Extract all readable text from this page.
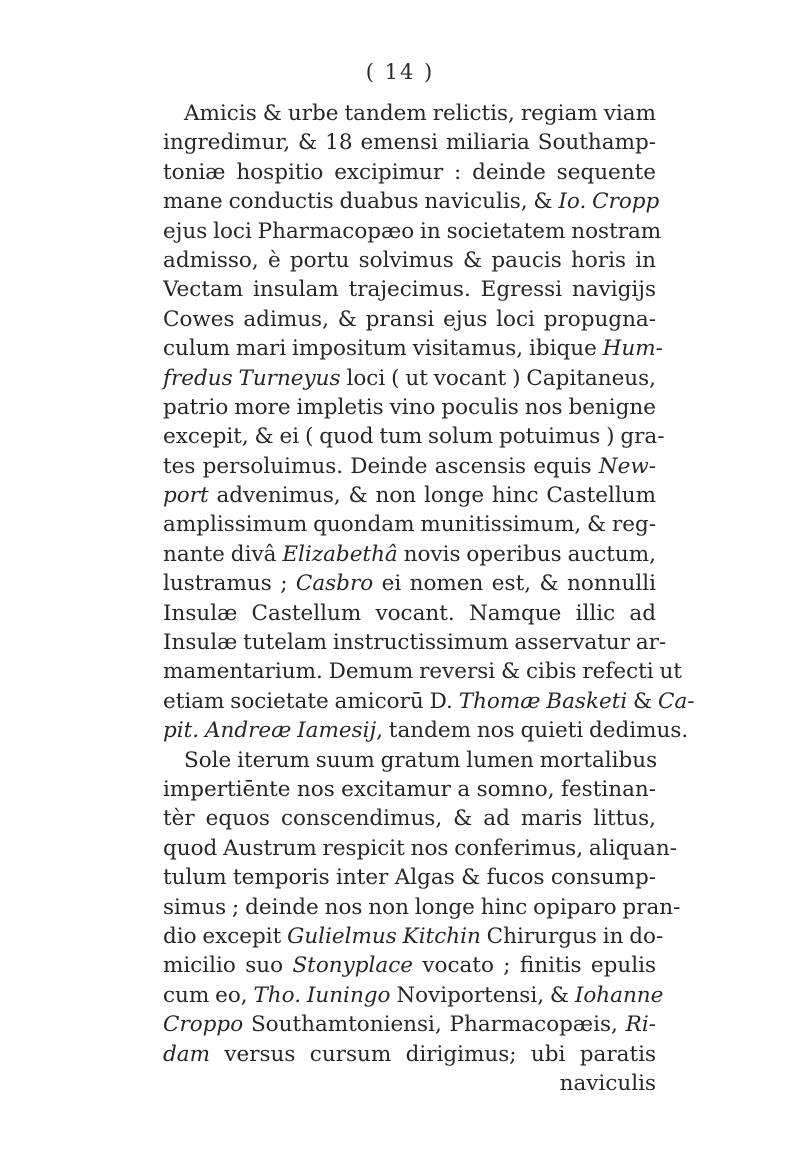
( 14 )
Amicis & urbe tandem relictis, regiam viam
ingredimur, & 18 emensi miliaria Southamp-
toniæ hospitio excipimur : deinde sequente
mane conductis duabus naviculis, & Io. Cropp
ejus loci Pharmacopæo in societatem nostram
admisso, è portu solvimus & paucis horis in
Vectam insulam trajecimus. Egressi navigijs
Cowes adimus, & pransi ejus loci propugna-
culum mari impositum visitamus, ibique Hum-
fredus Turneyus loci ( ut vocant ) Capitaneus,
patrio more impletis vino poculis nos benigne
excepit, & ei ( quod tum solum potuimus ) gra-
tes persoluimus. Deinde ascensis equis New-
port advenimus, & non longe hinc Castellum
amplissimum quondam munitissimum, & reg-
nante divâ Elizabethâ novis operibus auctum,
lustramus ; Casbro ei nomen est, & nonnulli
Insulæ Castellum vocant. Namque illic ad
Insulæ tutelam instructissimum asservatur ar-
mamentarium. Demum reversi & cibis refecti ut
etiam societate amicorū D. Thomæ Basketi & Ca-
pit. Andreæ Iamesij, tandem nos quieti dedimus.
Sole iterum suum gratum lumen mortalibus
impertiēnte nos excitamur a somno, festinan-
tèr equos conscendimus, & ad maris littus,
quod Austrum respicit nos conferimus, aliquan-
tulum temporis inter Algas & fucos consump-
simus ; deinde nos non longe hinc opiparo pran-
dio excepit Gulielmus Kitchin Chirurgus in do-
micilio suo Stonyplace vocato ; finitis epulis
cum eo, Tho. Iuningo Noviportensi, & Iohanne
Croppo Southamtoniensi, Pharmacopæis, Ri-
dam versus cursum dirigimus; ubi paratis
naviculis
